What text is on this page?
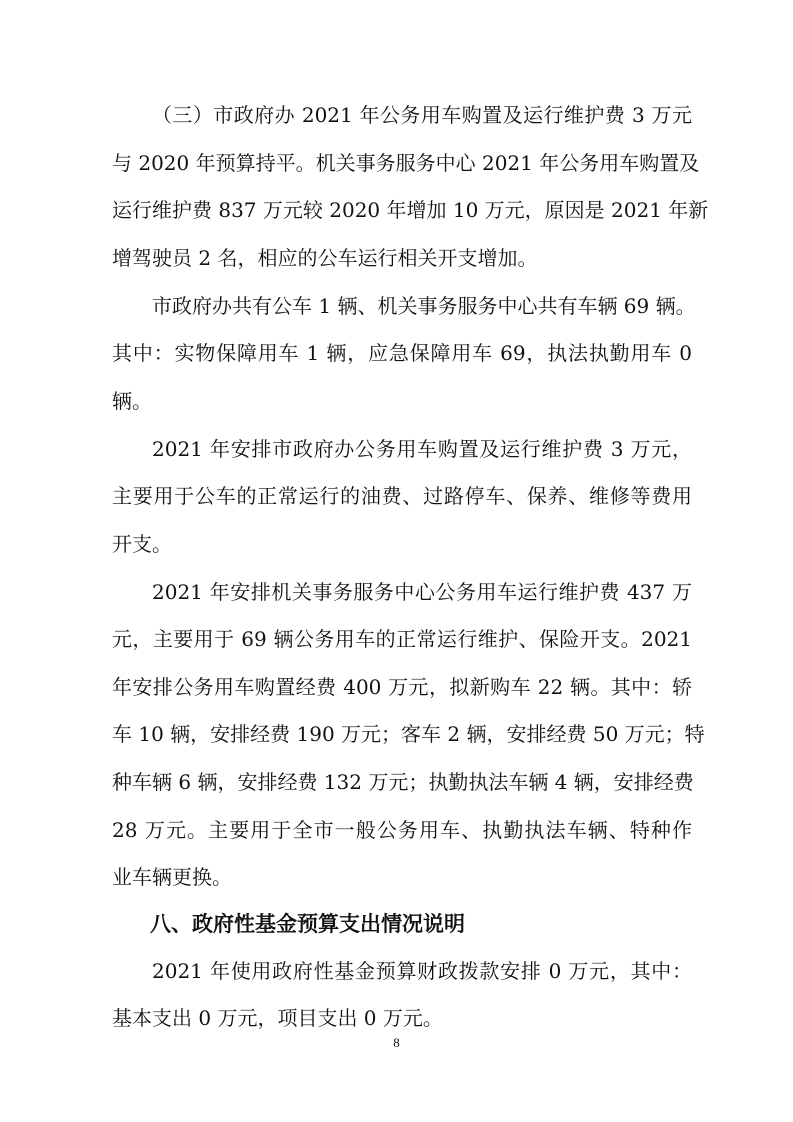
（三）市政府办 2021 年公务用车购置及运行维护费 3 万元
与 2020 年预算持平。机关事务服务中心 2021 年公务用车购置及
运行维护费 837 万元较 2020 年增加 10 万元，原因是 2021 年新
增驾驶员 2 名，相应的公车运行相关开支增加。
市政府办共有公车 1 辆、机关事务服务中心共有车辆 69 辆。
其中：实物保障用车 1 辆，应急保障用车 69，执法执勤用车 0
辆。
2021 年安排市政府办公务用车购置及运行维护费 3 万元，
主要用于公车的正常运行的油费、过路停车、保养、维修等费用
开支。
2021 年安排机关事务服务中心公务用车运行维护费 437 万
元，主要用于 69 辆公务用车的正常运行维护、保险开支。2021
年安排公务用车购置经费 400 万元，拟新购车 22 辆。其中：轿
车 10 辆，安排经费 190 万元；客车 2 辆，安排经费 50 万元；特
种车辆 6 辆，安排经费 132 万元；执勤执法车辆 4 辆，安排经费
28 万元。主要用于全市一般公务用车、执勤执法车辆、特种作
业车辆更换。
八、政府性基金预算支出情况说明
2021 年使用政府性基金预算财政拨款安排 0 万元，其中：
基本支出 0 万元，项目支出 0 万元。
8
